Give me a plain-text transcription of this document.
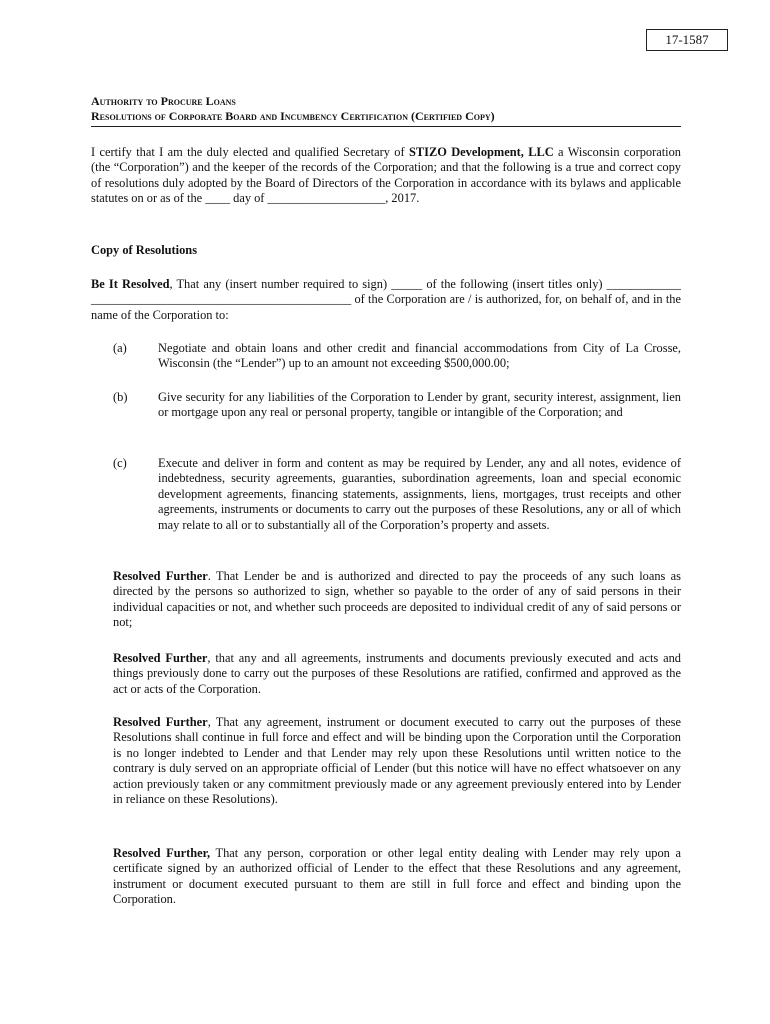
17-1587
Authority to Procure Loans
Resolutions of Corporate Board and Incumbency Certification (Certified Copy)

I certify that I am the duly elected and qualified Secretary of STIZO Development, LLC a Wisconsin corporation (the “Corporation”) and the keeper of the records of the Corporation; and that the following is a true and correct copy of resolutions duly adopted by the Board of Directors of the Corporation in accordance with its bylaws and applicable statutes on or as of the ____ day of ___________________, 2017.

Copy of Resolutions

Be It Resolved, That any (insert number required to sign) _____ of the following (insert titles only) ____________ __________________________________________ of the Corporation are / is authorized, for, on behalf of, and in the name of the Corporation to:

(a)	Negotiate and obtain loans and other credit and financial accommodations from City of La Crosse, Wisconsin (the “Lender”) up to an amount not exceeding $500,000.00;

(b) Give security for any liabilities of the Corporation to Lender by grant, security interest, assignment, lien or mortgage upon any real or personal property, tangible or intangible of the Corporation; and

(c)	Execute and deliver in form and content as may be required by Lender, any and all notes, evidence of indebtedness, security agreements, guaranties, subordination agreements, loan and special economic development agreements, financing statements, assignments, liens, mortgages, trust receipts and other agreements, instruments or documents to carry out the purposes of these Resolutions, any or all of which may relate to all or to substantially all of the Corporation’s property and assets.

Resolved Further. That Lender be and is authorized and directed to pay the proceeds of any such loans as directed by the persons so authorized to sign, whether so payable to the order of any of said persons in their individual capacities or not, and whether such proceeds are deposited to individual credit of any of said persons or not;

Resolved Further, that any and all agreements, instruments and documents previously executed and acts and things previously done to carry out the purposes of these Resolutions are ratified, confirmed and approved as the act or acts of the Corporation.

Resolved Further, That any agreement, instrument or document executed to carry out the purposes of these Resolutions shall continue in full force and effect and will be binding upon the Corporation until the Corporation is no longer indebted to Lender and that Lender may rely upon these Resolutions until written notice to the contrary is duly served on an appropriate official of Lender (but this notice will have no effect whatsoever on any action previously taken or any commitment previously made or any agreement previously entered into by Lender in reliance on these Resolutions).

Resolved Further, That any person, corporation or other legal entity dealing with Lender may rely upon a certificate signed by an authorized official of Lender to the effect that these Resolutions and any agreement, instrument or document executed pursuant to them are still in full force and effect and binding upon the Corporation.
